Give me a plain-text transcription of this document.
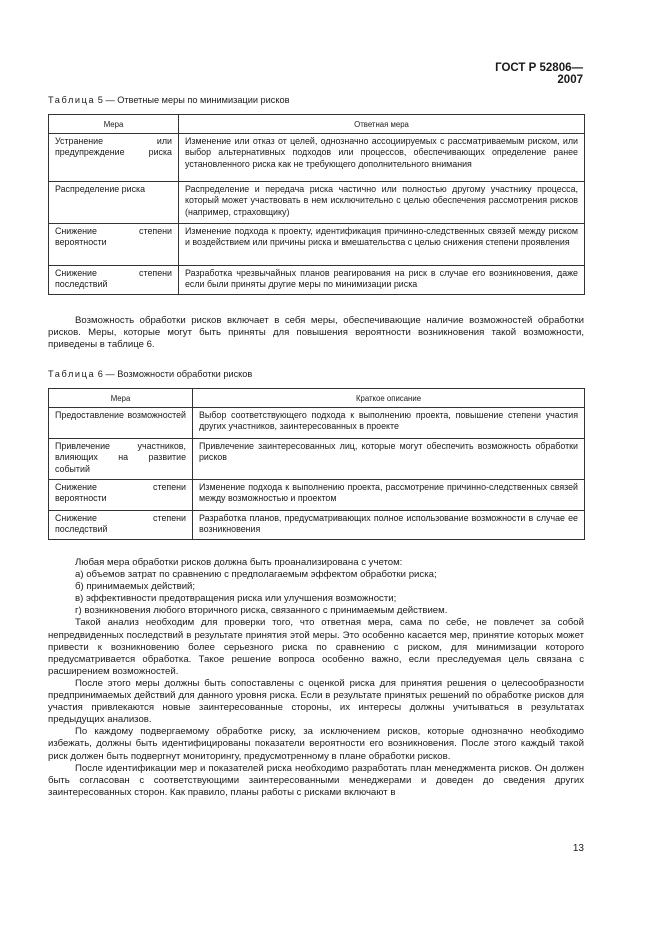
ГОСТ Р 52806—2007
Таблица 5 — Ответные меры по минимизации рисков
Мера	Ответная мера
Устранение или предупреждение риска	Изменение или отказ от целей, однозначно ассоциируемых с рассматриваемым риском, или выбор альтернативных подходов или процессов, обеспечивающих определение ранее установленного риска как не требующего дополнительного внимания
Распределение риска	Распределение и передача риска частично или полностью другому участнику процесса, который может участвовать в нем исключительно с целью обеспечения рассмотрения рисков (например, страховщику)
Снижение степени вероятности	Изменение подхода к проекту, идентификация причинно-следственных связей между риском и воздействием или причины риска и вмешательства с целью снижения степени проявления
Снижение степени последствий	Разработка чрезвычайных планов реагирования на риск в случае его возникновения, даже если были приняты другие меры по минимизации риска
Возможность обработки рисков включает в себя меры, обеспечивающие наличие возможностей обработки рисков. Меры, которые могут быть приняты для повышения вероятности возникновения такой возможности, приведены в таблице 6.
Таблица 6 — Возможности обработки рисков
Мера	Краткое описание
Предоставление возможностей	Выбор соответствующего подхода к выполнению проекта, повышение степени участия других участников, заинтересованных в проекте
Привлечение участников, влияющих на развитие событий	Привлечение заинтересованных лиц, которые могут обеспечить возможность обработки рисков
Снижение степени вероятности	Изменение подхода к выполнению проекта, рассмотрение причинно-следственных связей между возможностью и проектом
Снижение степени последствий	Разработка планов, предусматривающих полное использование возможности в случае ее возникновения
Любая мера обработки рисков должна быть проанализирована с учетом:
а) объемов затрат по сравнению с предполагаемым эффектом обработки риска;
б) принимаемых действий;
в) эффективности предотвращения риска или улучшения возможности;
г) возникновения любого вторичного риска, связанного с принимаемым действием.
Такой анализ необходим для проверки того, что ответная мера, сама по себе, не повлечет за собой непредвиденных последствий в результате принятия этой меры. Это особенно касается мер, принятие которых может привести к возникновению более серьезного риска по сравнению с риском, для минимизации которого предусматривается обработка. Такое решение вопроса особенно важно, если преследуемая цель связана с расширением возможностей.
После этого меры должны быть сопоставлены с оценкой риска для принятия решения о целесообразности предпринимаемых действий для данного уровня риска. Если в результате принятых решений по обработке рисков для участия привлекаются новые заинтересованные стороны, их интересы должны учитываться в результатах предыдущих анализов.
По каждому подвергаемому обработке риску, за исключением рисков, которые однозначно необходимо избежать, должны быть идентифицированы показатели вероятности его возникновения. После этого каждый такой риск должен быть подвергнут мониторингу, предусмотренному в плане обработки рисков.
После идентификации мер и показателей риска необходимо разработать план менеджмента рисков. Он должен быть согласован с соответствующими заинтересованными менеджерами и доведен до сведения других заинтересованных сторон. Как правило, планы работы с рисками включают в
13
